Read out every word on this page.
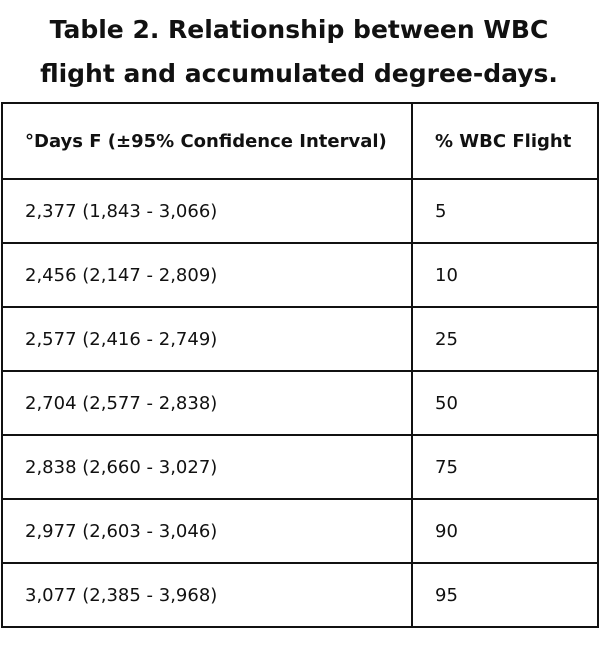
Table 2. Relationship between WBC
flight and accumulated degree-days.
°Days F (±95% Confidence Interval)	% WBC Flight
2,377 (1,843 - 3,066)	5
2,456 (2,147 - 2,809)	10
2,577 (2,416 - 2,749)	25
2,704 (2,577 - 2,838)	50
2,838 (2,660 - 3,027)	75
2,977 (2,603 - 3,046)	90
3,077 (2,385 - 3,968)	95
